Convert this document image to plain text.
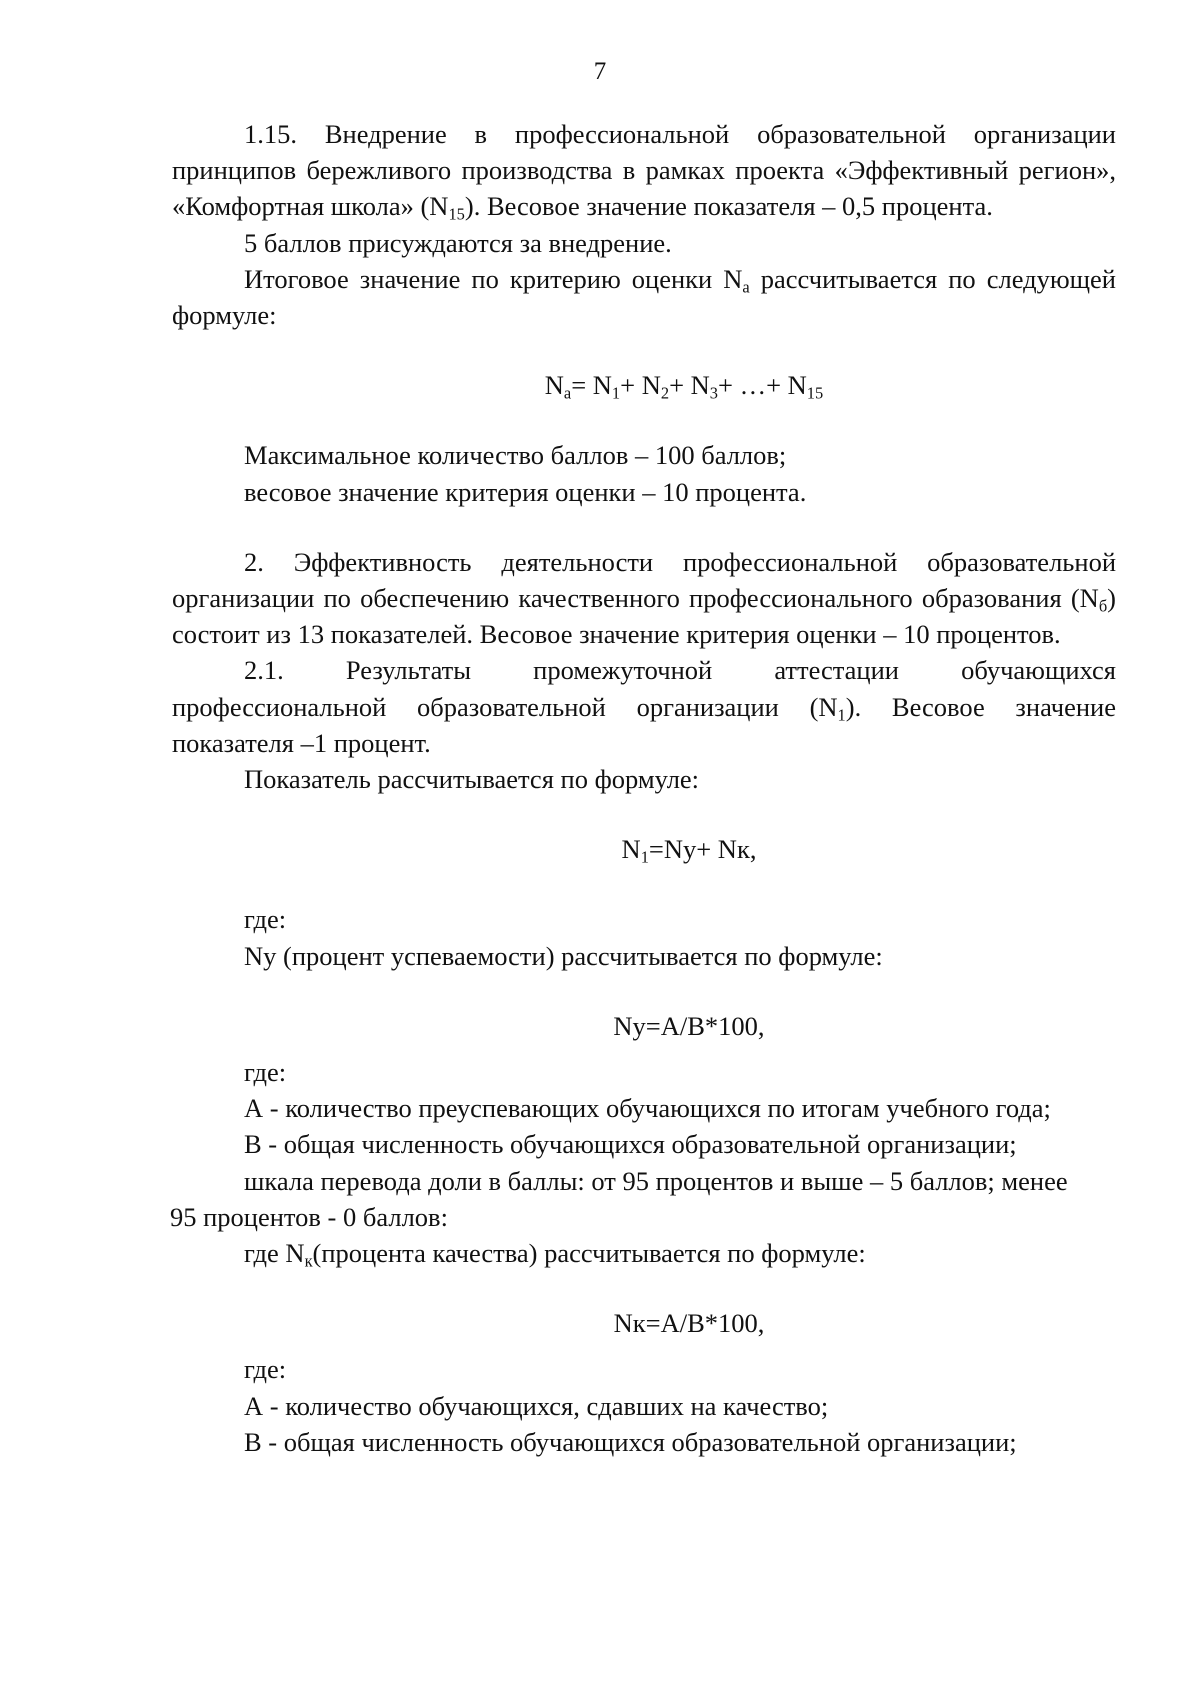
7

1.15. Внедрение в профессиональной образовательной организации принципов бережливого производства в рамках проекта «Эффективный регион», «Комфортная школа» $(N_{15})$. Весовое значение показателя – 0,5 процента.

5 баллов присуждаются за внедрение.

Итоговое значение по критерию оценки $N_а$ рассчитывается по следующей формуле:

$N_а= N_1+ N_2+ N_3+$ …+ $N_{15}$

Максимальное количество баллов – 100 баллов;

весовое значение критерия оценки – 10 процента.

2. Эффективность деятельности профессиональной образовательной организации по обеспечению качественного профессионального образования $(N_б)$ состоит из 13 показателей. Весовое значение критерия оценки – 10 процентов.

2.1. Результаты промежуточной аттестации обучающихся

профессиональной образовательной организации $(N_1)$. Весовое значение показателя –1 процент.

Показатель рассчитывается по формуле:

$N_1=Nу+$ Nк,

где:

Nу (процент успеваемости) рассчитывается по формуле:

Nу=А/В*100,

где:

А - количество преуспевающих обучающихся по итогам учебного года;

В - общая численность обучающихся образовательной организации;

шкала перевода доли в баллы: от 95 процентов и выше – 5 баллов; менее

95 процентов - 0 баллов:

где $N_к(процента$ качества) рассчитывается по формуле:

Nк=А/В*100,

где:

А - количество обучающихся, сдавших на качество;

В - общая численность обучающихся образовательной организации;
